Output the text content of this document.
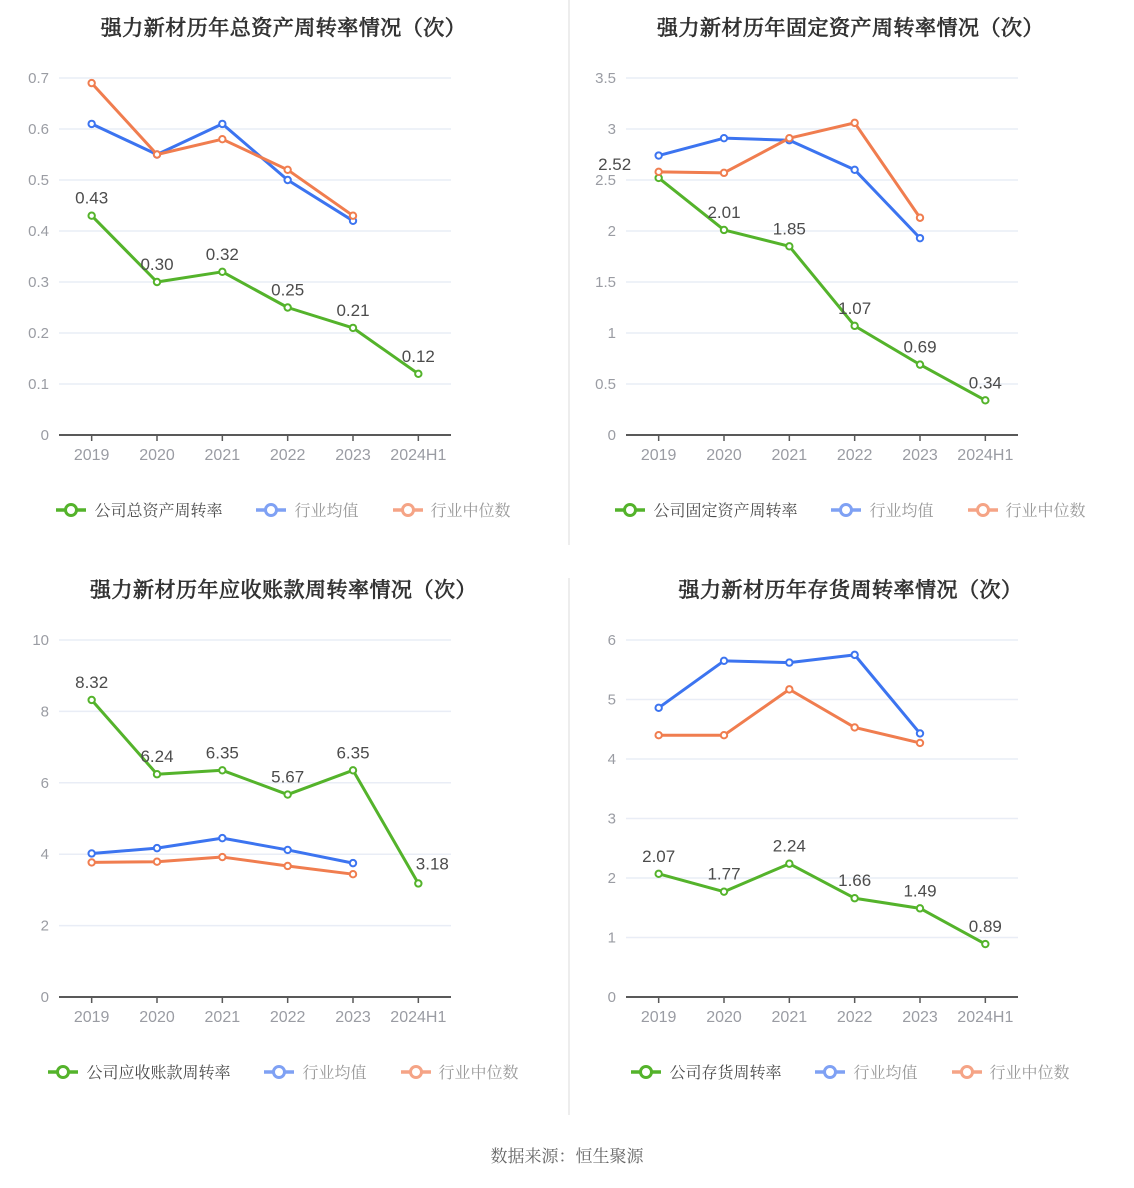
强力新材历年总资产周转率情况（次）
0
0.1
0.2
0.3
0.4
0.5
0.6
0.7
2019 2020 2021 2022 2023 2024H1
0.43
0.30
0.32
0.25
0.21
0.12
公司总资产周转率	行业均值	行业中位数
强力新材历年固定资产周转率情况（次）
0
0.5
1
1.5
2
2.5
3
3.5
2019 2020 2021 2022 2023 2024H1
2.52
2.01
1.85
1.07
0.69
0.34
公司固定资产周转率	行业均值	行业中位数
强力新材历年应收账款周转率情况（次）
0
2
4
6
8
10
2019 2020 2021 2022 2023 2024H1
8.32
6.24 6.35
5.67
6.35
3.18
公司应收账款周转率	行业均值	行业中位数
强力新材历年存货周转率情况（次）
0
1
2
3
4
5
6
2019 2020 2021 2022 2023 2024H1
2.07
1.77
2.24
1.66
1.49
0.89
公司存货周转率	行业均值	行业中位数
数据来源：恒生聚源
